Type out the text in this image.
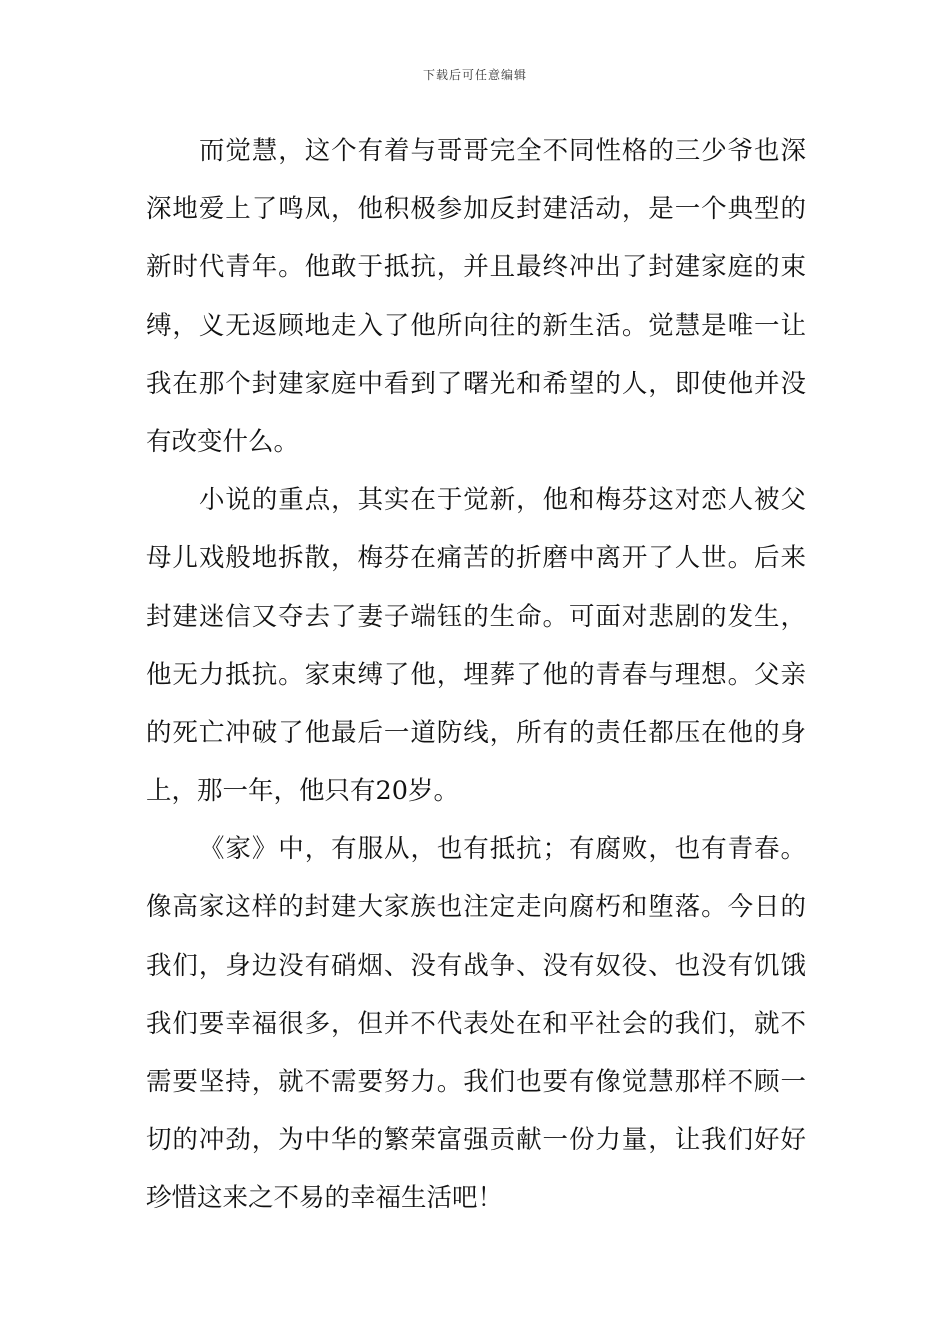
下载后可任意编辑
而觉慧，这个有着与哥哥完全不同性格的三少爷也深
深地爱上了鸣凤，他积极参加反封建活动，是一个典型的
新时代青年。他敢于抵抗，并且最终冲出了封建家庭的束
缚，义无返顾地走入了他所向往的新生活。觉慧是唯一让
我在那个封建家庭中看到了曙光和希望的人，即使他并没
有改变什么。
小说的重点，其实在于觉新，他和梅芬这对恋人被父
母儿戏般地拆散，梅芬在痛苦的折磨中离开了人世。后来
封建迷信又夺去了妻子端钰的生命。可面对悲剧的发生，
他无力抵抗。家束缚了他，埋葬了他的青春与理想。父亲
的死亡冲破了他最后一道防线，所有的责任都压在他的身
上，那一年，他只有20岁。
《家》中，有服从，也有抵抗；有腐败，也有青春。
像高家这样的封建大家族也注定走向腐朽和堕落。今日的
我们，身边没有硝烟、没有战争、没有奴役、也没有饥饿
我们要幸福很多，但并不代表处在和平社会的我们，就不
需要坚持，就不需要努力。我们也要有像觉慧那样不顾一
切的冲劲，为中华的繁荣富强贡献一份力量，让我们好好
珍惜这来之不易的幸福生活吧！
